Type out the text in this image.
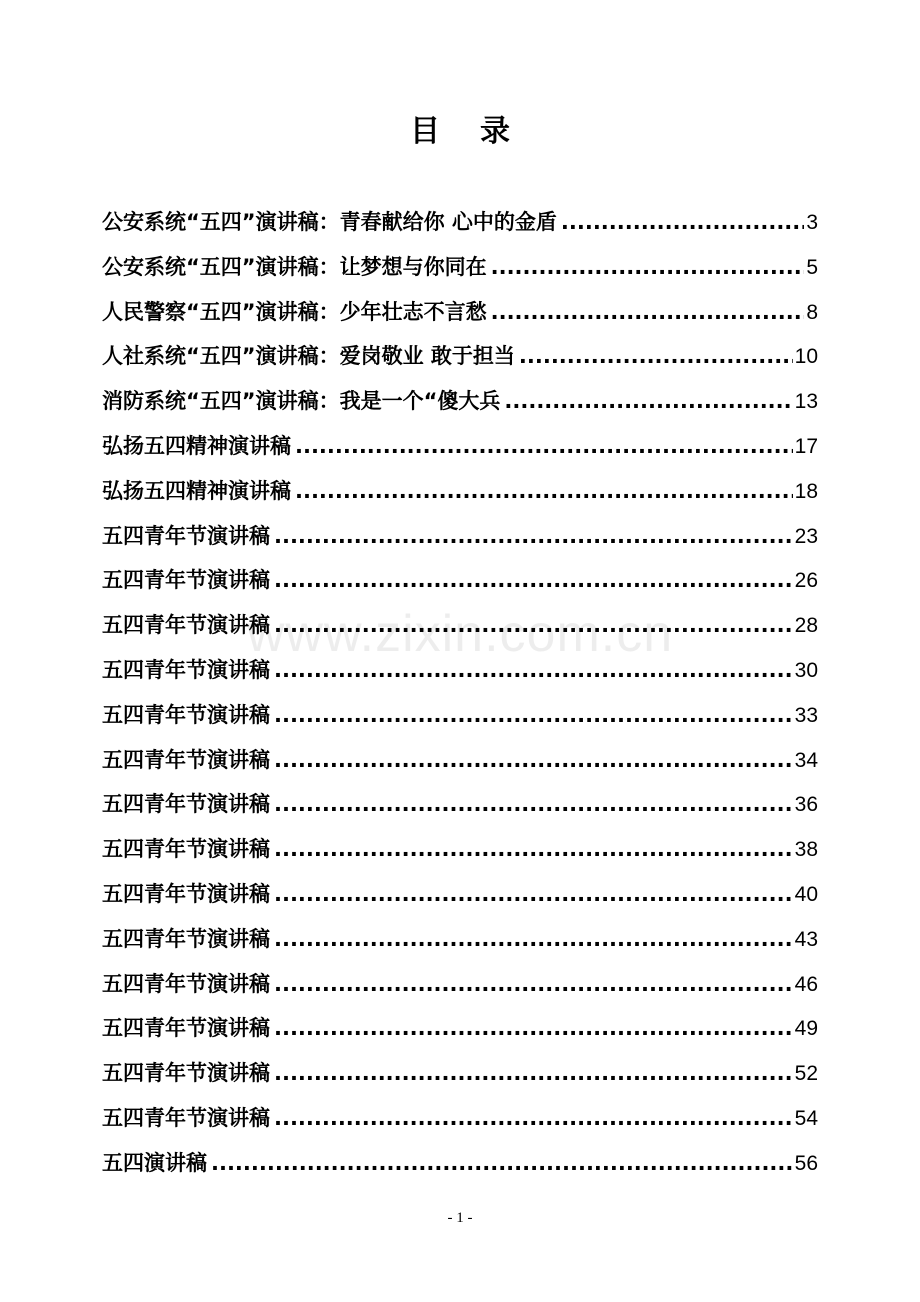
目录
www.zixin.com.cn
公安系统“五四”演讲稿：青春献给你 心中的金盾 .....	3
公安系统“五四”演讲稿：让梦想与你同在 .....	5
人民警察“五四”演讲稿：少年壮志不言愁 .....	8
人社系统“五四”演讲稿：爱岗敬业 敢于担当 .....	10
消防系统“五四”演讲稿：我是一个“傻大兵 .....	13
弘扬五四精神演讲稿 .....	17
弘扬五四精神演讲稿 .....	18
五四青年节演讲稿 .....	23
五四青年节演讲稿 .....	26
五四青年节演讲稿 .....	28
五四青年节演讲稿 .....	30
五四青年节演讲稿 .....	33
五四青年节演讲稿 .....	34
五四青年节演讲稿 .....	36
五四青年节演讲稿 .....	38
五四青年节演讲稿 .....	40
五四青年节演讲稿 .....	43
五四青年节演讲稿 .....	46
五四青年节演讲稿 .....	49
五四青年节演讲稿 .....	52
五四青年节演讲稿 .....	54
五四演讲稿 .....	56
- 1 -
